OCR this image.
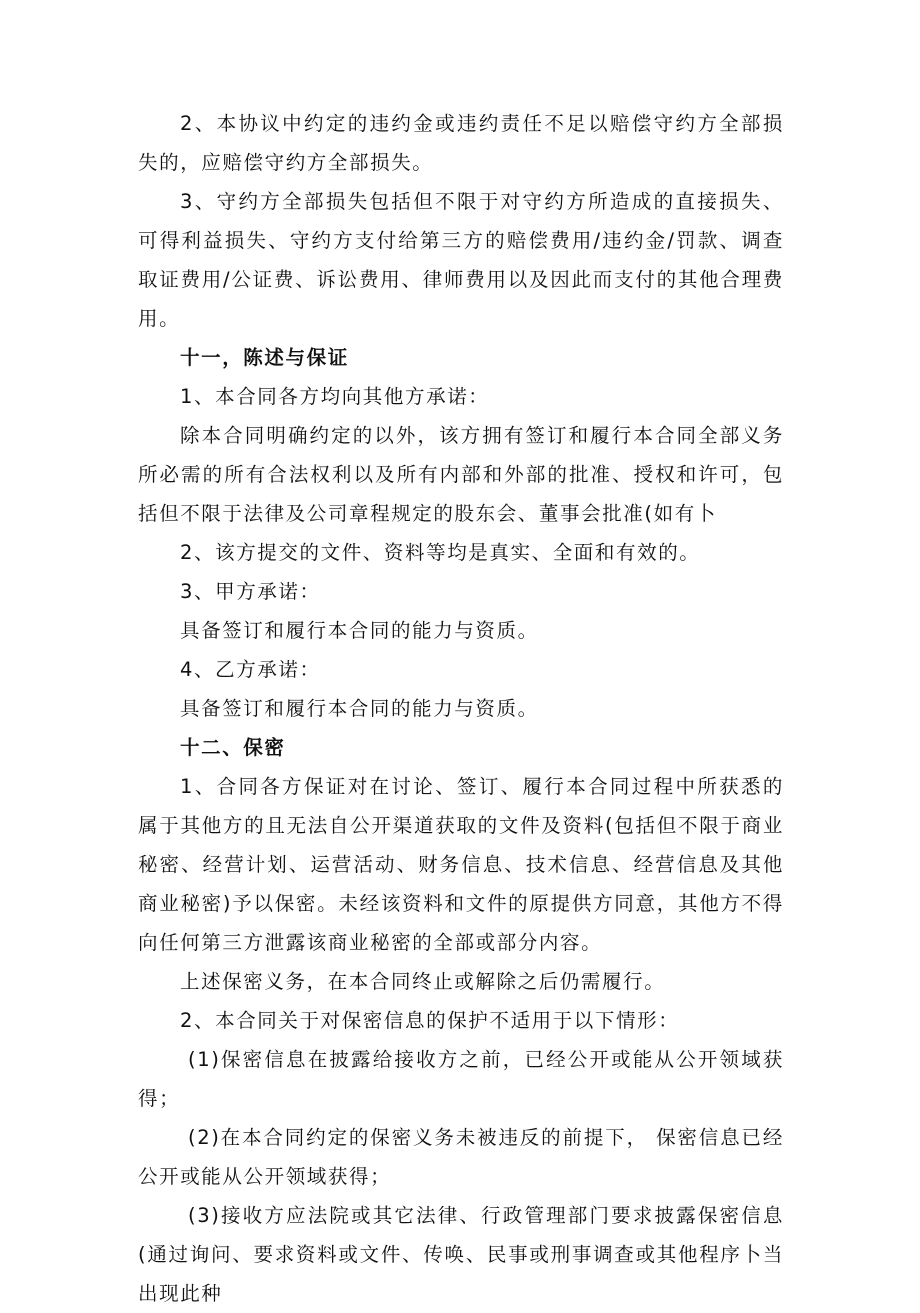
2、本协议中约定的违约金或违约责任不足以赔偿守约方全部损失的，应赔偿守约方全部损失。

3、守约方全部损失包括但不限于对守约方所造成的直接损失、可得利益损失、守约方支付给第三方的赔偿费用/违约金/罚款、调查取证费用/公证费、诉讼费用、律师费用以及因此而支付的其他合理费用。

十一，陈述与保证

1、本合同各方均向其他方承诺：

除本合同明确约定的以外，该方拥有签订和履行本合同全部义务所必需的所有合法权利以及所有内部和外部的批准、授权和许可，包括但不限于法律及公司章程规定的股东会、董事会批准(如有卜

2、该方提交的文件、资料等均是真实、全面和有效的。

3、甲方承诺：

具备签订和履行本合同的能力与资质。

4、乙方承诺：

具备签订和履行本合同的能力与资质。

十二、保密

1、合同各方保证对在讨论、签订、履行本合同过程中所获悉的属于其他方的且无法自公开渠道获取的文件及资料(包括但不限于商业秘密、经营计划、运营活动、财务信息、技术信息、经营信息及其他商业秘密)予以保密。未经该资料和文件的原提供方同意，其他方不得向任何第三方泄露该商业秘密的全部或部分内容。

上述保密义务，在本合同终止或解除之后仍需履行。

2、本合同关于对保密信息的保护不适用于以下情形：

(1)保密信息在披露给接收方之前，已经公开或能从公开领域获得；

(2)在本合同约定的保密义务未被违反的前提下， 保密信息已经公开或能从公开领域获得；

(3)接收方应法院或其它法律、行政管理部门要求披露保密信息(通过询问、要求资料或文件、传唤、民事或刑事调查或其他程序卜当出现此种
